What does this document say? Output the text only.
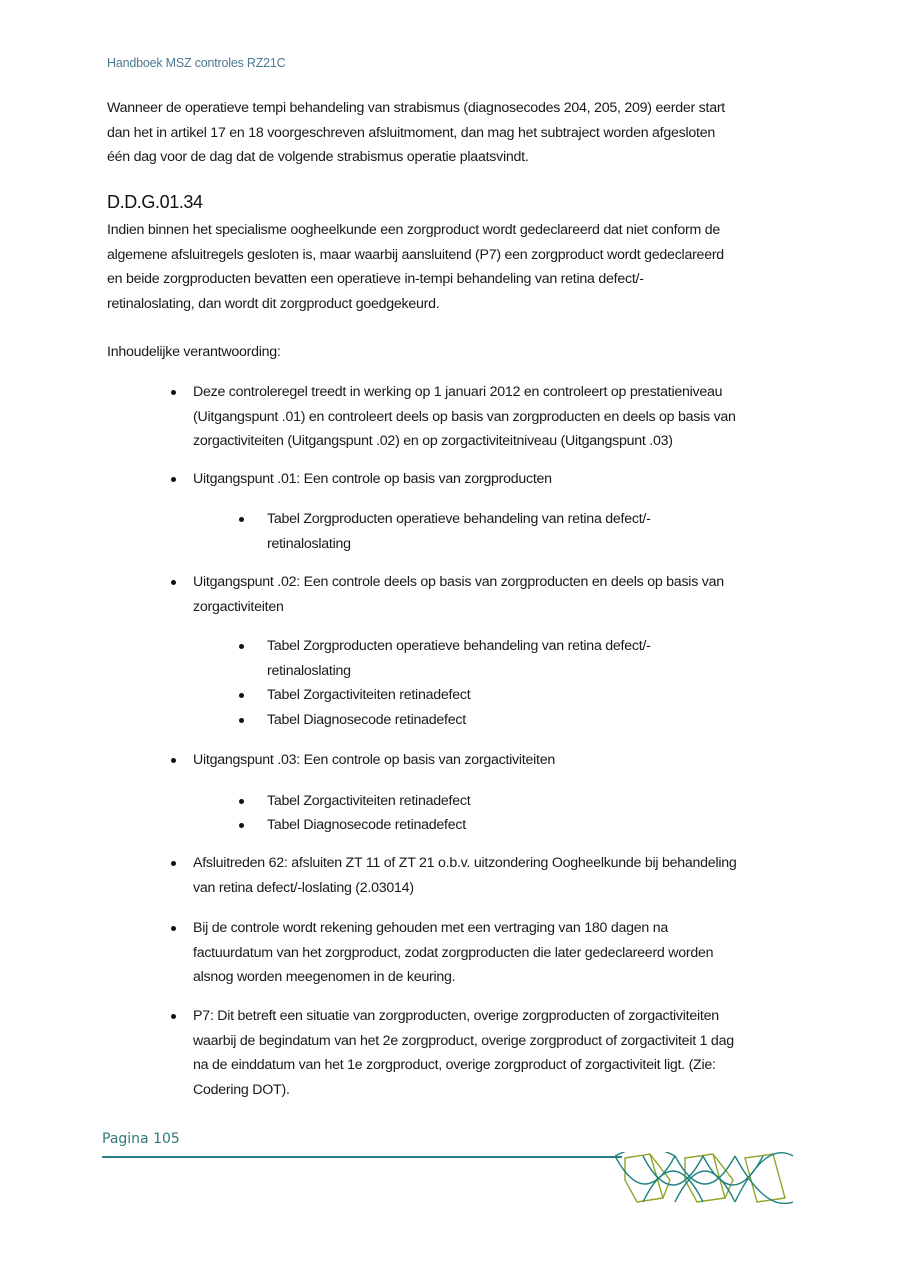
Handboek MSZ controles RZ21C
Wanneer de operatieve tempi behandeling van strabismus (diagnosecodes 204, 205, 209) eerder start
dan het in artikel 17 en 18 voorgeschreven afsluitmoment, dan mag het subtraject worden afgesloten
één dag voor de dag dat de volgende strabismus operatie plaatsvindt.
D.D.G.01.34
Indien binnen het specialisme oogheelkunde een zorgproduct wordt gedeclareerd dat niet conform de
algemene afsluitregels gesloten is, maar waarbij aansluitend (P7) een zorgproduct wordt gedeclareerd
en beide zorgproducten bevatten een operatieve in-tempi behandeling van retina defect/-
retinaloslating, dan wordt dit zorgproduct goedgekeurd.
Inhoudelijke verantwoording:
Deze controleregel treedt in werking op 1 januari 2012 en controleert op prestatieniveau
(Uitgangspunt .01) en controleert deels op basis van zorgproducten en deels op basis van
zorgactiviteiten (Uitgangspunt .02) en op zorgactiviteitniveau (Uitgangspunt .03)
Uitgangspunt .01: Een controle op basis van zorgproducten
Tabel Zorgproducten operatieve behandeling van retina defect/-
retinaloslating
Uitgangspunt .02: Een controle deels op basis van zorgproducten en deels op basis van
zorgactiviteiten
Tabel Zorgproducten operatieve behandeling van retina defect/-
retinaloslating
Tabel Zorgactiviteiten retinadefect
Tabel Diagnosecode retinadefect
Uitgangspunt .03: Een controle op basis van zorgactiviteiten
Tabel Zorgactiviteiten retinadefect
Tabel Diagnosecode retinadefect
Afsluitreden 62: afsluiten ZT 11 of ZT 21 o.b.v. uitzondering Oogheelkunde bij behandeling
van retina defect/-loslating (2.03014)
Bij de controle wordt rekening gehouden met een vertraging van 180 dagen na
factuurdatum van het zorgproduct, zodat zorgproducten die later gedeclareerd worden
alsnog worden meegenomen in de keuring.
P7: Dit betreft een situatie van zorgproducten, overige zorgproducten of zorgactiviteiten
waarbij de begindatum van het 2e zorgproduct, overige zorgproduct of zorgactiviteit 1 dag
na de einddatum van het 1e zorgproduct, overige zorgproduct of zorgactiviteit ligt. (Zie:
Codering DOT).
Pagina 105
